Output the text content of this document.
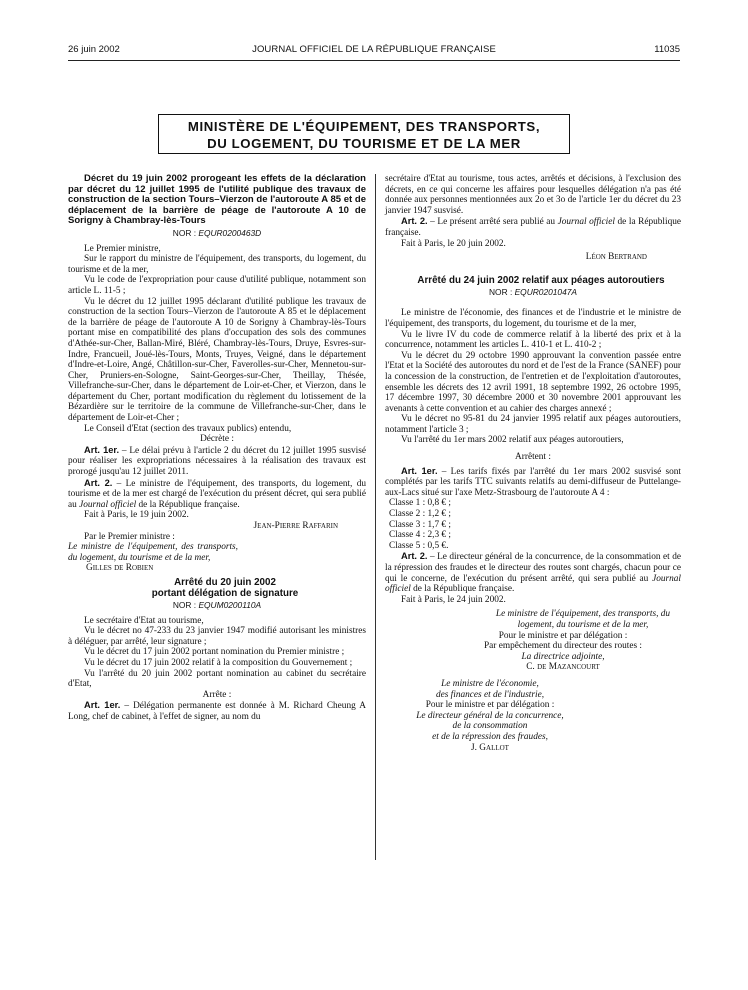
26 juin 2002	JOURNAL OFFICIEL DE LA RÉPUBLIQUE FRANÇAISE	11035
MINISTÈRE DE L'ÉQUIPEMENT, DES TRANSPORTS,
DU LOGEMENT, DU TOURISME ET DE LA MER

Décret du 19 juin 2002 prorogeant les effets de la déclaration par décret du 12 juillet 1995 de l'utilité publique des travaux de construction de la section Tours–Vierzon de l'autoroute A 85 et de déplacement de la barrière de péage de l'autoroute A 10 de Sorigny à Chambray-lès-Tours

NOR : EQUR0200463D

Le Premier ministre,

Sur le rapport du ministre de l'équipement, des transports, du logement, du tourisme et de la mer,

Vu le code de l'expropriation pour cause d'utilité publique, notamment son article L. 11-5 ;

Vu le décret du 12 juillet 1995 déclarant d'utilité publique les travaux de construction de la section Tours–Vierzon de l'autoroute A 85 et le déplacement de la barrière de péage de l'autoroute A 10 de Sorigny à Chambray-lès-Tours portant mise en compatibilité des plans d'occupation des sols des communes d'Athée-sur-Cher, Ballan-Miré, Bléré, Chambray-lès-Tours, Druye, Esvres-sur-Indre, Francueil, Joué-lès-Tours, Monts, Truyes, Veigné, dans le département d'Indre-et-Loire, Angé, Châtillon-sur-Cher, Faverolles-sur-Cher, Mennetou-sur-Cher, Pruniers-en-Sologne, Saint-Georges-sur-Cher, Theillay, Thésée, Villefranche-sur-Cher, dans le département de Loir-et-Cher, et Vierzon, dans le département du Cher, portant modification du règlement du lotissement de la Bézardière sur le territoire de la commune de Villefranche-sur-Cher, dans le département de Loir-et-Cher ;

Le Conseil d'Etat (section des travaux publics) entendu,

Décrète :

Art. 1er. – Le délai prévu à l'article 2 du décret du 12 juillet 1995 susvisé pour réaliser les expropriations nécessaires à la réalisation des travaux est prorogé jusqu'au 12 juillet 2011.

Art. 2. – Le ministre de l'équipement, des transports, du logement, du tourisme et de la mer est chargé de l'exécution du présent décret, qui sera publié au Journal officiel de la République française.

Fait à Paris, le 19 juin 2002.

Jean-Pierre Raffarin

Par le Premier ministre :

Le ministre de l'équipement, des transports, du logement, du tourisme et de la mer,

Gilles de Robien

Arrêté du 20 juin 2002

portant délégation de signature

NOR : EQUM0200110A

Le secrétaire d'Etat au tourisme,

Vu le décret no 47-233 du 23 janvier 1947 modifié autorisant les ministres à déléguer, par arrêté, leur signature ;

Vu le décret du 17 juin 2002 portant nomination du Premier ministre ;

Vu le décret du 17 juin 2002 relatif à la composition du Gouvernement ;

Vu l'arrêté du 20 juin 2002 portant nomination au cabinet du secrétaire d'Etat,

Arrête :

Art. 1er. – Délégation permanente est donnée à M. Richard Cheung A Long, chef de cabinet, à l'effet de signer, au nom du

secrétaire d'Etat au tourisme, tous actes, arrêtés et décisions, à l'exclusion des décrets, en ce qui concerne les affaires pour lesquelles délégation n'a pas été donnée aux personnes mentionnées aux 2o et 3o de l'article 1er du décret du 23 janvier 1947 susvisé.

Art. 2. – Le présent arrêté sera publié au Journal officiel de la République française.

Fait à Paris, le 20 juin 2002.

Léon Bertrand

Arrêté du 24 juin 2002 relatif aux péages autoroutiers

NOR : EQUR0201047A

Le ministre de l'économie, des finances et de l'industrie et le ministre de l'équipement, des transports, du logement, du tourisme et de la mer,

Vu le livre IV du code de commerce relatif à la liberté des prix et à la concurrence, notamment les articles L. 410-1 et L. 410-2 ;

Vu le décret du 29 octobre 1990 approuvant la convention passée entre l'Etat et la Société des autoroutes du nord et de l'est de la France (SANEF) pour la concession de la construction, de l'entretien et de l'exploitation d'autoroutes, ensemble les décrets des 12 avril 1991, 18 septembre 1992, 26 octobre 1995, 17 décembre 1997, 30 décembre 2000 et 30 novembre 2001 approuvant les avenants à cette convention et au cahier des charges annexé ;

Vu le décret no 95-81 du 24 janvier 1995 relatif aux péages autoroutiers, notamment l'article 3 ;

Vu l'arrêté du 1er mars 2002 relatif aux péages autoroutiers,

Arrêtent :

Art. 1er. – Les tarifs fixés par l'arrêté du 1er mars 2002 susvisé sont complétés par les tarifs TTC suivants relatifs au demi-diffuseur de Puttelange-aux-Lacs situé sur l'axe Metz-Strasbourg de l'autoroute A 4 :

Classe 1 : 0,8 € ;

Classe 2 : 1,2 € ;

Classe 3 : 1,7 € ;

Classe 4 : 2,3 € ;

Classe 5 : 0,5 €.

Art. 2. – Le directeur général de la concurrence, de la consommation et de la répression des fraudes et le directeur des routes sont chargés, chacun pour ce qui le concerne, de l'exécution du présent arrêté, qui sera publié au Journal officiel de la République française.

Fait à Paris, le 24 juin 2002.

Le ministre de l'équipement, des transports, du logement, du tourisme et de la mer,

Pour le ministre et par délégation :

Par empêchement du directeur des routes :

La directrice adjointe,

C. de Mazancourt

Le ministre de l'économie,

des finances et de l'industrie,

Pour le ministre et par délégation :

Le directeur général de la concurrence,

de la consommation

et de la répression des fraudes,

J. Gallot
